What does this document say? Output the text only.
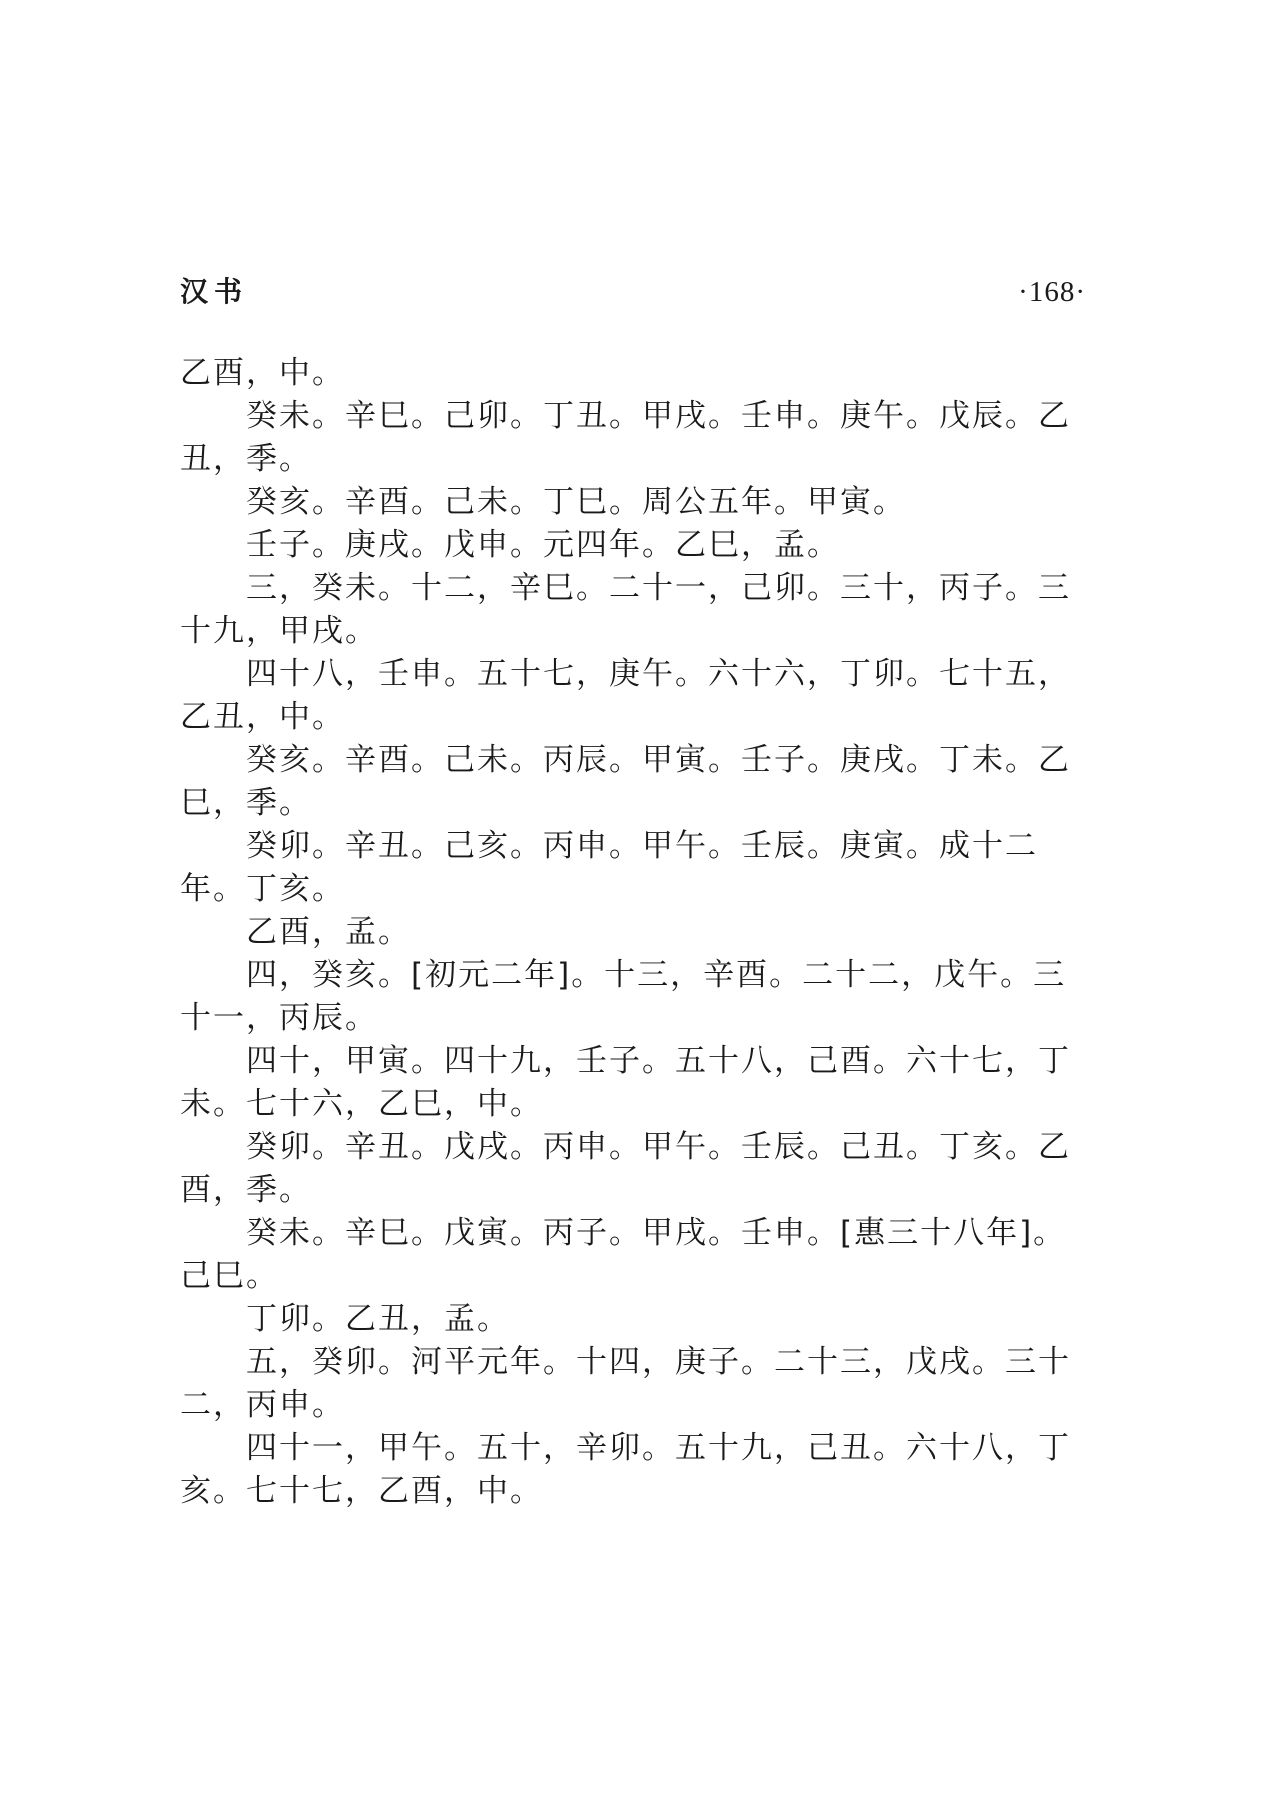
汉书	·168·

乙酉，中。

癸未。辛巳。己卯。丁丑。甲戌。壬申。庚午。戊辰。乙丑，季。

癸亥。辛酉。己未。丁巳。周公五年。甲寅。

壬子。庚戌。戊申。元四年。乙巳，孟。

三，癸未。十二，辛巳。二十一，己卯。三十，丙子。三十九，甲戌。

四十八，壬申。五十七，庚午。六十六，丁卯。七十五，乙丑，中。

癸亥。辛酉。己未。丙辰。甲寅。壬子。庚戌。丁未。乙巳，季。

癸卯。辛丑。己亥。丙申。甲午。壬辰。庚寅。成十二年。丁亥。

乙酉，孟。

四，癸亥。[初元二年]。十三，辛酉。二十二，戊午。三十一，丙辰。

四十，甲寅。四十九，壬子。五十八，己酉。六十七，丁未。七十六，乙巳，中。

癸卯。辛丑。戊戌。丙申。甲午。壬辰。己丑。丁亥。乙酉，季。

癸未。辛巳。戊寅。丙子。甲戌。壬申。[惠三十八年]。己巳。

丁卯。乙丑，孟。

五，癸卯。河平元年。十四，庚子。二十三，戊戌。三十二，丙申。

四十一，甲午。五十，辛卯。五十九，己丑。六十八，丁亥。七十七，乙酉，中。
